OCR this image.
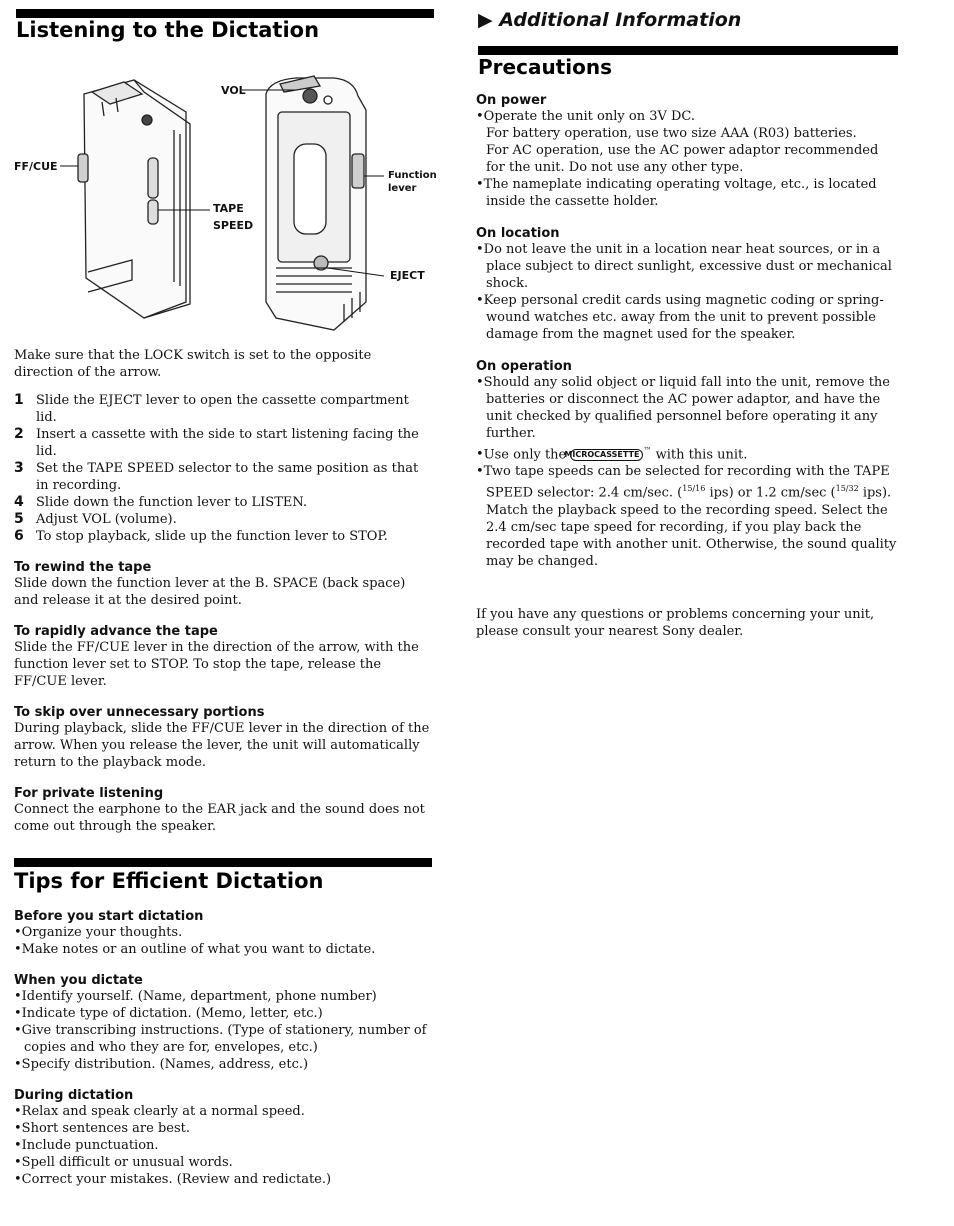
Listening to the Dictation
VOL
FF/CUE
Function
lever
TAPE
SPEED
EJECT

Make sure that the LOCK switch is set to the opposite direction of the arrow.

1 Slide the EJECT lever to open the cassette compartment lid.
2 Insert a cassette with the side to start listening facing the lid.
3 Set the TAPE SPEED selector to the same position as that in recording.
4 Slide down the function lever to LISTEN.
5 Adjust VOL (volume).
6 To stop playback, slide up the function lever to STOP.

To rewind the tape

Slide down the function lever at the B. SPACE (back space) and release it at the desired point.

To rapidly advance the tape

Slide the FF/CUE lever in the direction of the arrow, with the function lever set to STOP. To stop the tape, release the FF/CUE lever.

To skip over unnecessary portions

During playback, slide the FF/CUE lever in the direction of the arrow. When you release the lever, the unit will automatically return to the playback mode.

For private listening

Connect the earphone to the EAR jack and the sound does not come out through the speaker.

Tips for Efficient Dictation

Before you start dictation

• Organize your thoughts.

• Make notes or an outline of what you want to dictate.

When you dictate

• Identify yourself. (Name, department, phone number)

• Indicate type of dictation. (Memo, letter, etc.)

• Give transcribing instructions. (Type of stationery, number of copies and who they are for, envelopes, etc.)

• Specify distribution. (Names, address, etc.)

During dictation

• Relax and speak clearly at a normal speed.

• Short sentences are best.

• Include punctuation.

• Spell difficult or unusual words.

• Correct your mistakes. (Review and redictate.)

▶ Additional Information
Precautions

On power

• Operate the unit only on 3V DC.

For battery operation, use two size AAA (R03) batteries.

For AC operation, use the AC power adaptor recommended for the unit. Do not use any other type.

• The nameplate indicating operating voltage, etc., is located inside the cassette holder.

On location

• Do not leave the unit in a location near heat sources, or in a place subject to direct sunlight, excessive dust or mechanical shock.

• Keep personal credit cards using magnetic coding or spring-wound watches etc. away from the unit to prevent possible damage from the magnet used for the speaker.

On operation

• Should any solid object or liquid fall into the unit, remove the batteries or disconnect the AC power adaptor, and have the unit checked by qualified personnel before operating it any further.

• Use only the MICROCASSETTE ™ with this unit.

• Two tape speeds can be selected for recording with the TAPE SPEED selector: 2.4 cm/sec. ($^{15/16}$ ips) or 1.2 cm/sec ($^{15/32}$ ips). Match the playback speed to the recording speed. Select the 2.4 cm/sec tape speed for recording, if you play back the recorded tape with another unit. Otherwise, the sound quality may be changed.

If you have any questions or problems concerning your unit, please consult your nearest Sony dealer.
